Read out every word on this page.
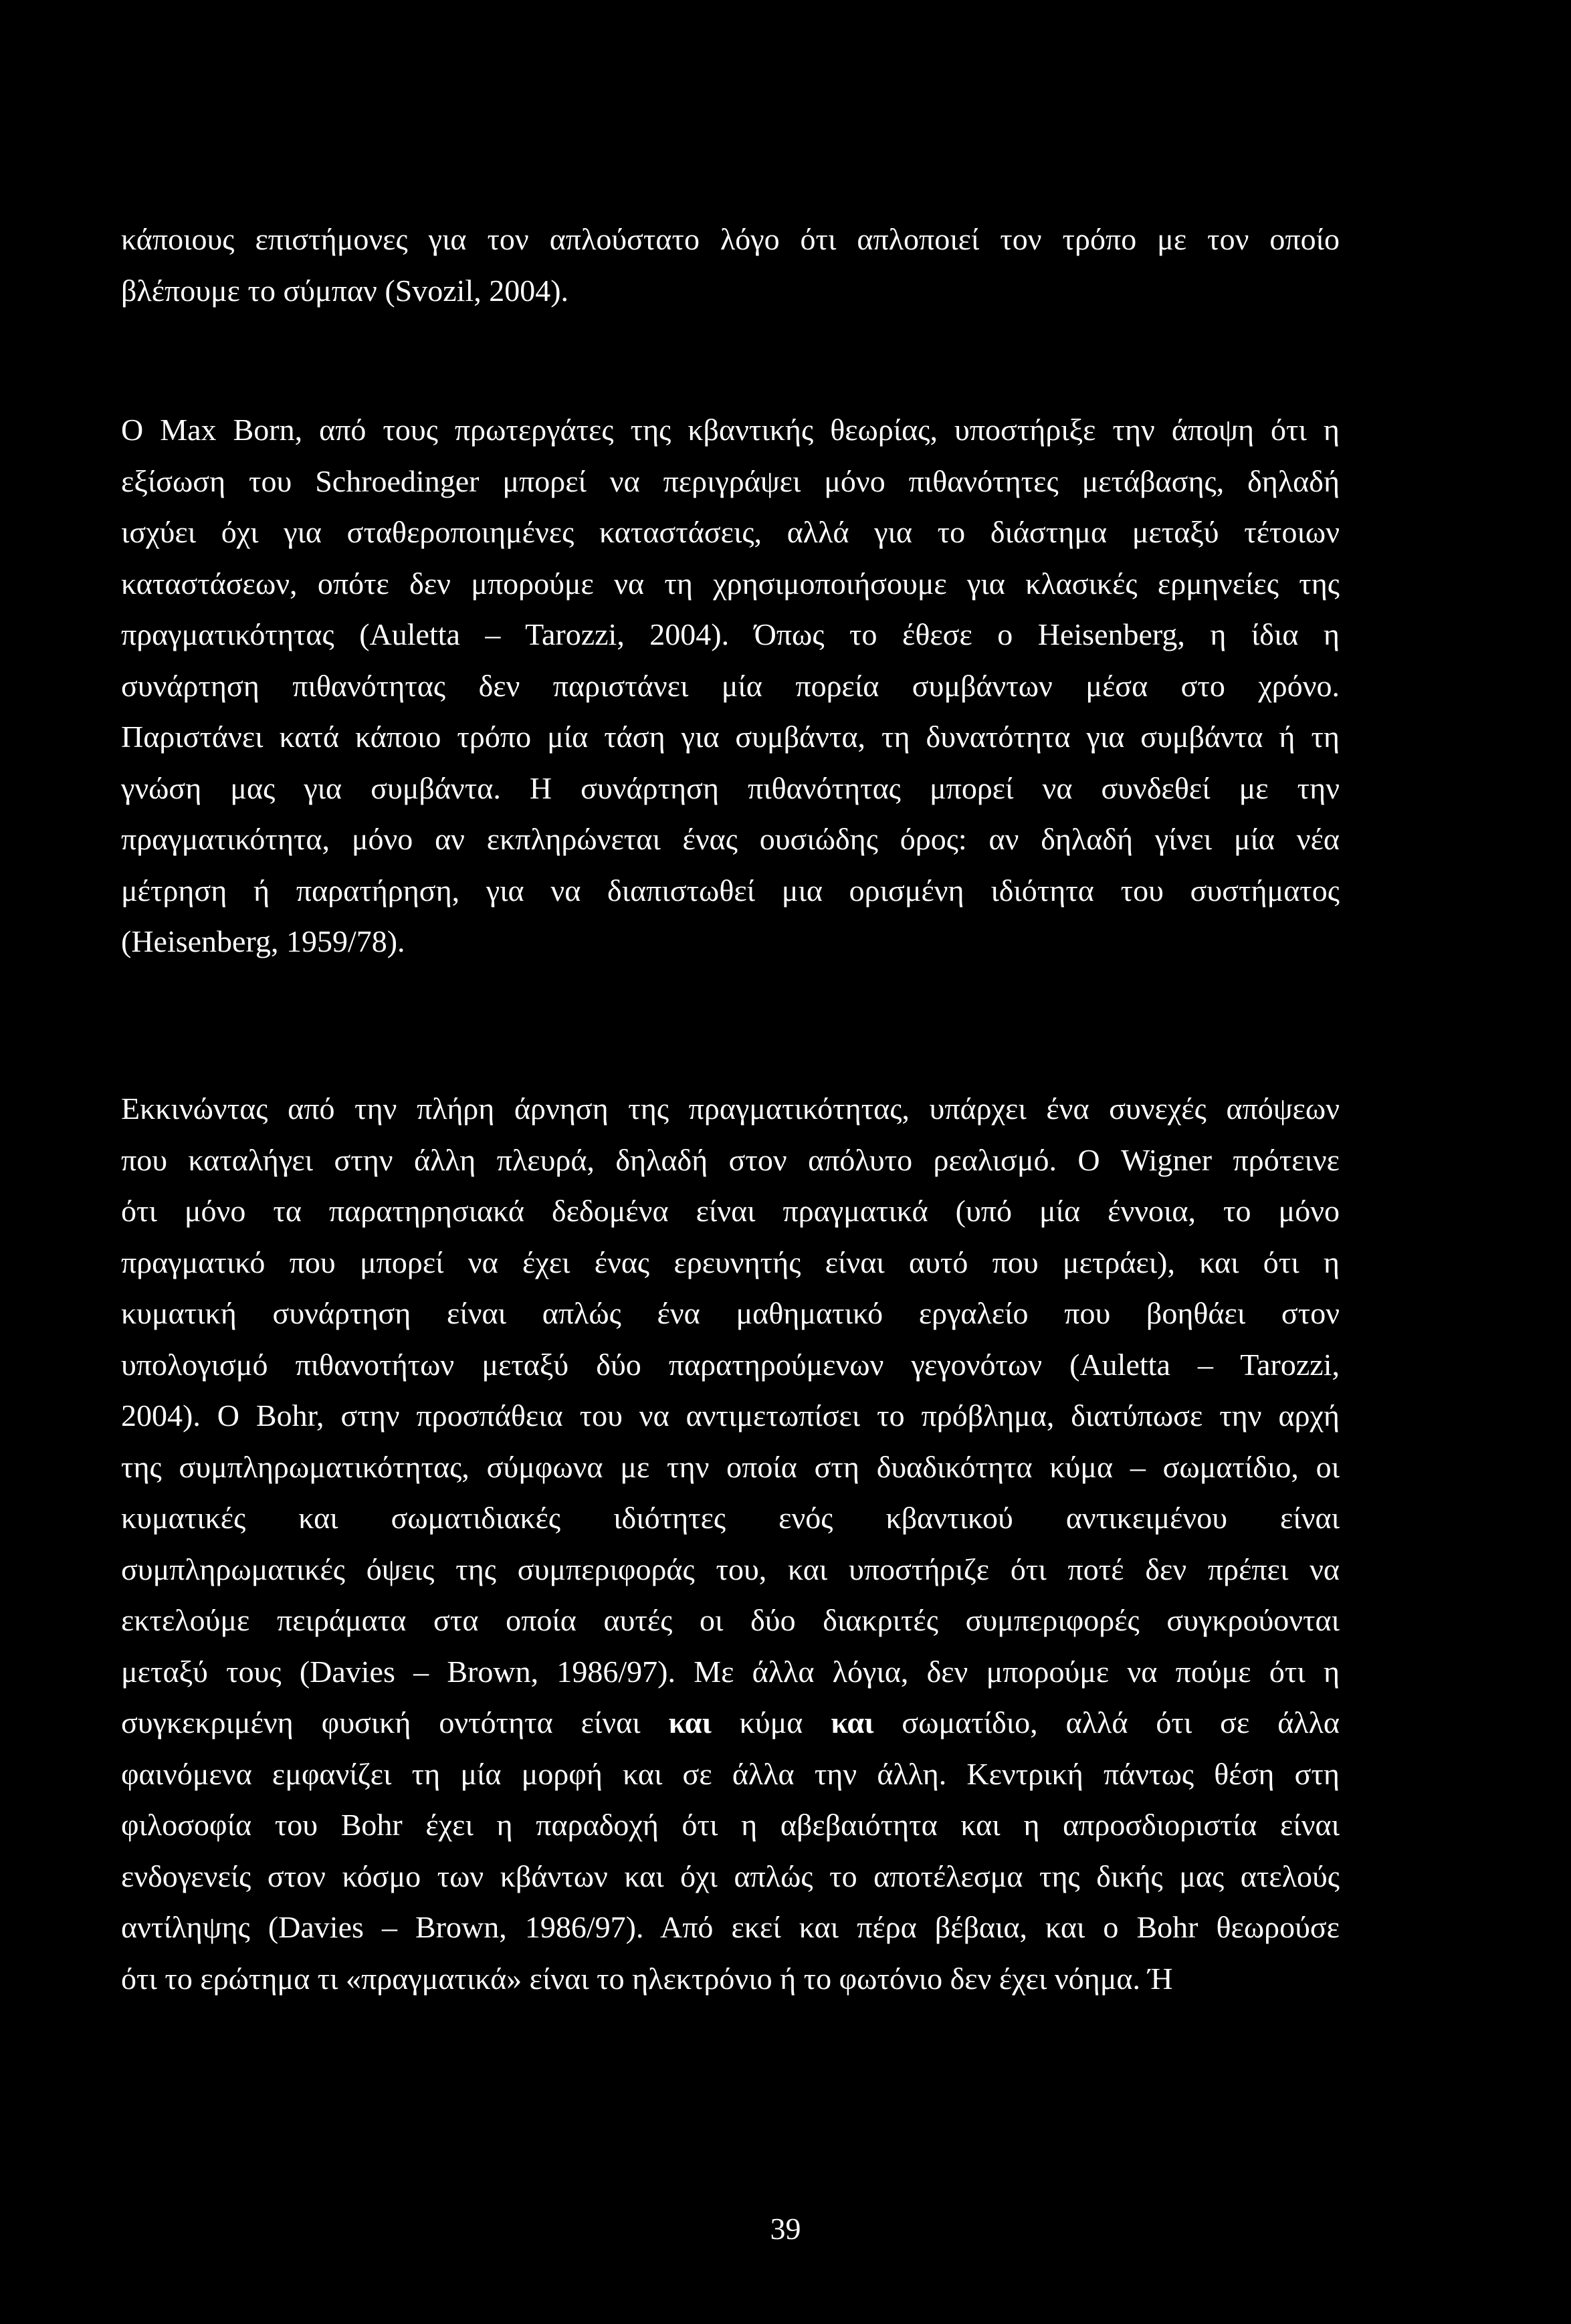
κάποιους επιστήμονες για τον απλούστατο λόγο ότι απλοποιεί τον τρόπο με τον οποίο
βλέπουμε το σύμπαν (Svozil, 2004).
Ο Max Born, από τους πρωτεργάτες της κβαντικής θεωρίας, υποστήριξε την άποψη ότι η
εξίσωση του Schroedinger μπορεί να περιγράψει μόνο πιθανότητες μετάβασης, δηλαδή
ισχύει όχι για σταθεροποιημένες καταστάσεις, αλλά για το διάστημα μεταξύ τέτοιων
καταστάσεων, οπότε δεν μπορούμε να τη χρησιμοποιήσουμε για κλασικές ερμηνείες της
πραγματικότητας (Auletta – Tarozzi, 2004). Όπως το έθεσε ο Heisenberg, η ίδια η
συνάρτηση πιθανότητας δεν παριστάνει μία πορεία συμβάντων μέσα στο χρόνο.
Παριστάνει κατά κάποιο τρόπο μία τάση για συμβάντα, τη δυνατότητα για συμβάντα ή τη
γνώση μας για συμβάντα. Η συνάρτηση πιθανότητας μπορεί να συνδεθεί με την
πραγματικότητα, μόνο αν εκπληρώνεται ένας ουσιώδης όρος: αν δηλαδή γίνει μία νέα
μέτρηση ή παρατήρηση, για να διαπιστωθεί μια ορισμένη ιδιότητα του συστήματος
(Heisenberg, 1959/78).
Εκκινώντας από την πλήρη άρνηση της πραγματικότητας, υπάρχει ένα συνεχές απόψεων
που καταλήγει στην άλλη πλευρά, δηλαδή στον απόλυτο ρεαλισμό. Ο Wigner πρότεινε
ότι μόνο τα παρατηρησιακά δεδομένα είναι πραγματικά (υπό μία έννοια, το μόνο
πραγματικό που μπορεί να έχει ένας ερευνητής είναι αυτό που μετράει), και ότι η
κυματική συνάρτηση είναι απλώς ένα μαθηματικό εργαλείο που βοηθάει στον
υπολογισμό πιθανοτήτων μεταξύ δύο παρατηρούμενων γεγονότων (Auletta – Tarozzi,
2004). Ο Bohr, στην προσπάθεια του να αντιμετωπίσει το πρόβλημα, διατύπωσε την αρχή
της συμπληρωματικότητας, σύμφωνα με την οποία στη δυαδικότητα κύμα – σωματίδιο, οι
κυματικές και σωματιδιακές ιδιότητες ενός κβαντικού αντικειμένου είναι
συμπληρωματικές όψεις της συμπεριφοράς του, και υποστήριζε ότι ποτέ δεν πρέπει να
εκτελούμε πειράματα στα οποία αυτές οι δύο διακριτές συμπεριφορές συγκρούονται
μεταξύ τους (Davies – Brown, 1986/97). Με άλλα λόγια, δεν μπορούμε να πούμε ότι η
συγκεκριμένη φυσική οντότητα είναι και κύμα και σωματίδιο, αλλά ότι σε άλλα
φαινόμενα εμφανίζει τη μία μορφή και σε άλλα την άλλη. Κεντρική πάντως θέση στη
φιλοσοφία του Bohr έχει η παραδοχή ότι η αβεβαιότητα και η απροσδιοριστία είναι
ενδογενείς στον κόσμο των κβάντων και όχι απλώς το αποτέλεσμα της δικής μας ατελούς
αντίληψης (Davies – Brown, 1986/97). Από εκεί και πέρα βέβαια, και ο Bohr θεωρούσε
ότι το ερώτημα τι «πραγματικά» είναι το ηλεκτρόνιο ή το φωτόνιο δεν έχει νόημα. Ή
39
